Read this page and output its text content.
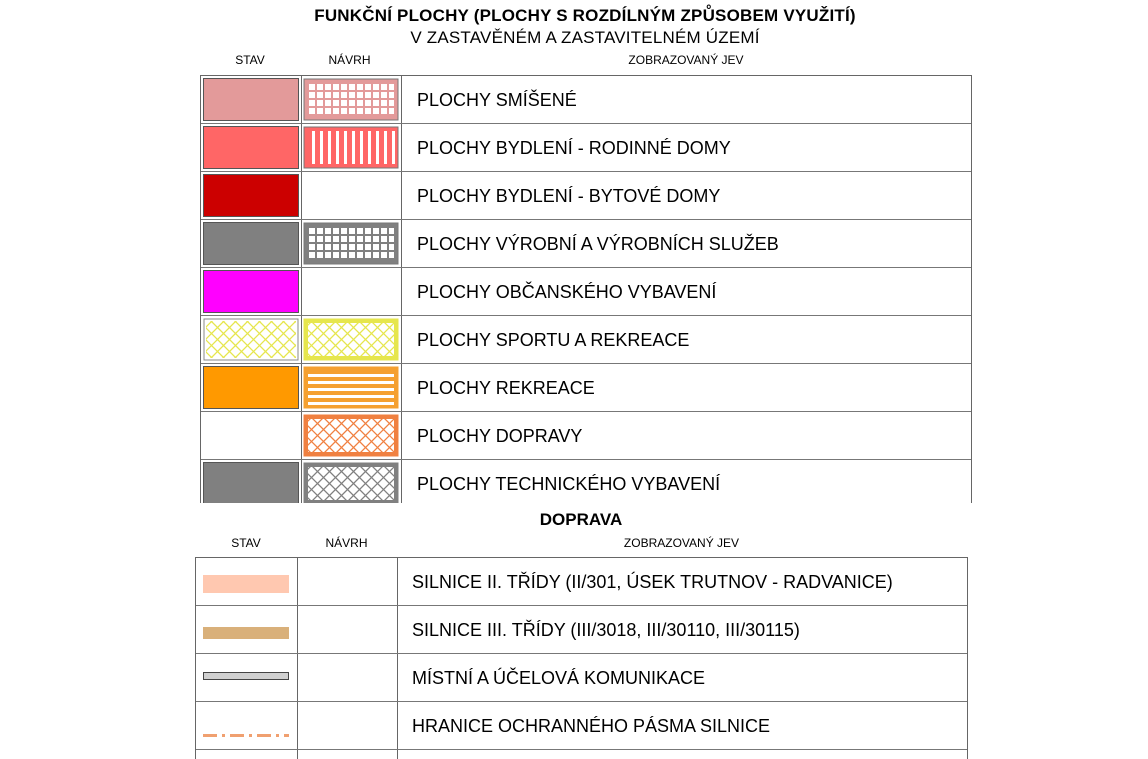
FUNKČNÍ PLOCHY (PLOCHY S ROZDÍLNÝM ZPŮSOBEM VYUŽITÍ)
V ZASTAVĚNÉM A ZASTAVITELNÉM ÚZEMÍ
STAV	NÁVRH	ZOBRAZOVANÝ JEV
PLOCHY SMÍŠENÉ
PLOCHY BYDLENÍ - RODINNÉ DOMY
PLOCHY BYDLENÍ - BYTOVÉ DOMY
PLOCHY VÝROBNÍ A VÝROBNÍCH SLUŽEB
PLOCHY OBČANSKÉHO VYBAVENÍ
PLOCHY SPORTU A REKREACE
PLOCHY REKREACE
PLOCHY DOPRAVY
PLOCHY TECHNICKÉHO VYBAVENÍ
DOPRAVA
STAV	NÁVRH	ZOBRAZOVANÝ JEV
SILNICE II. TŘÍDY (II/301, ÚSEK TRUTNOV - RADVANICE)
SILNICE III. TŘÍDY (III/3018, III/30110, III/30115)
MÍSTNÍ A ÚČELOVÁ KOMUNIKACE
HRANICE OCHRANNÉHO PÁSMA SILNICE
